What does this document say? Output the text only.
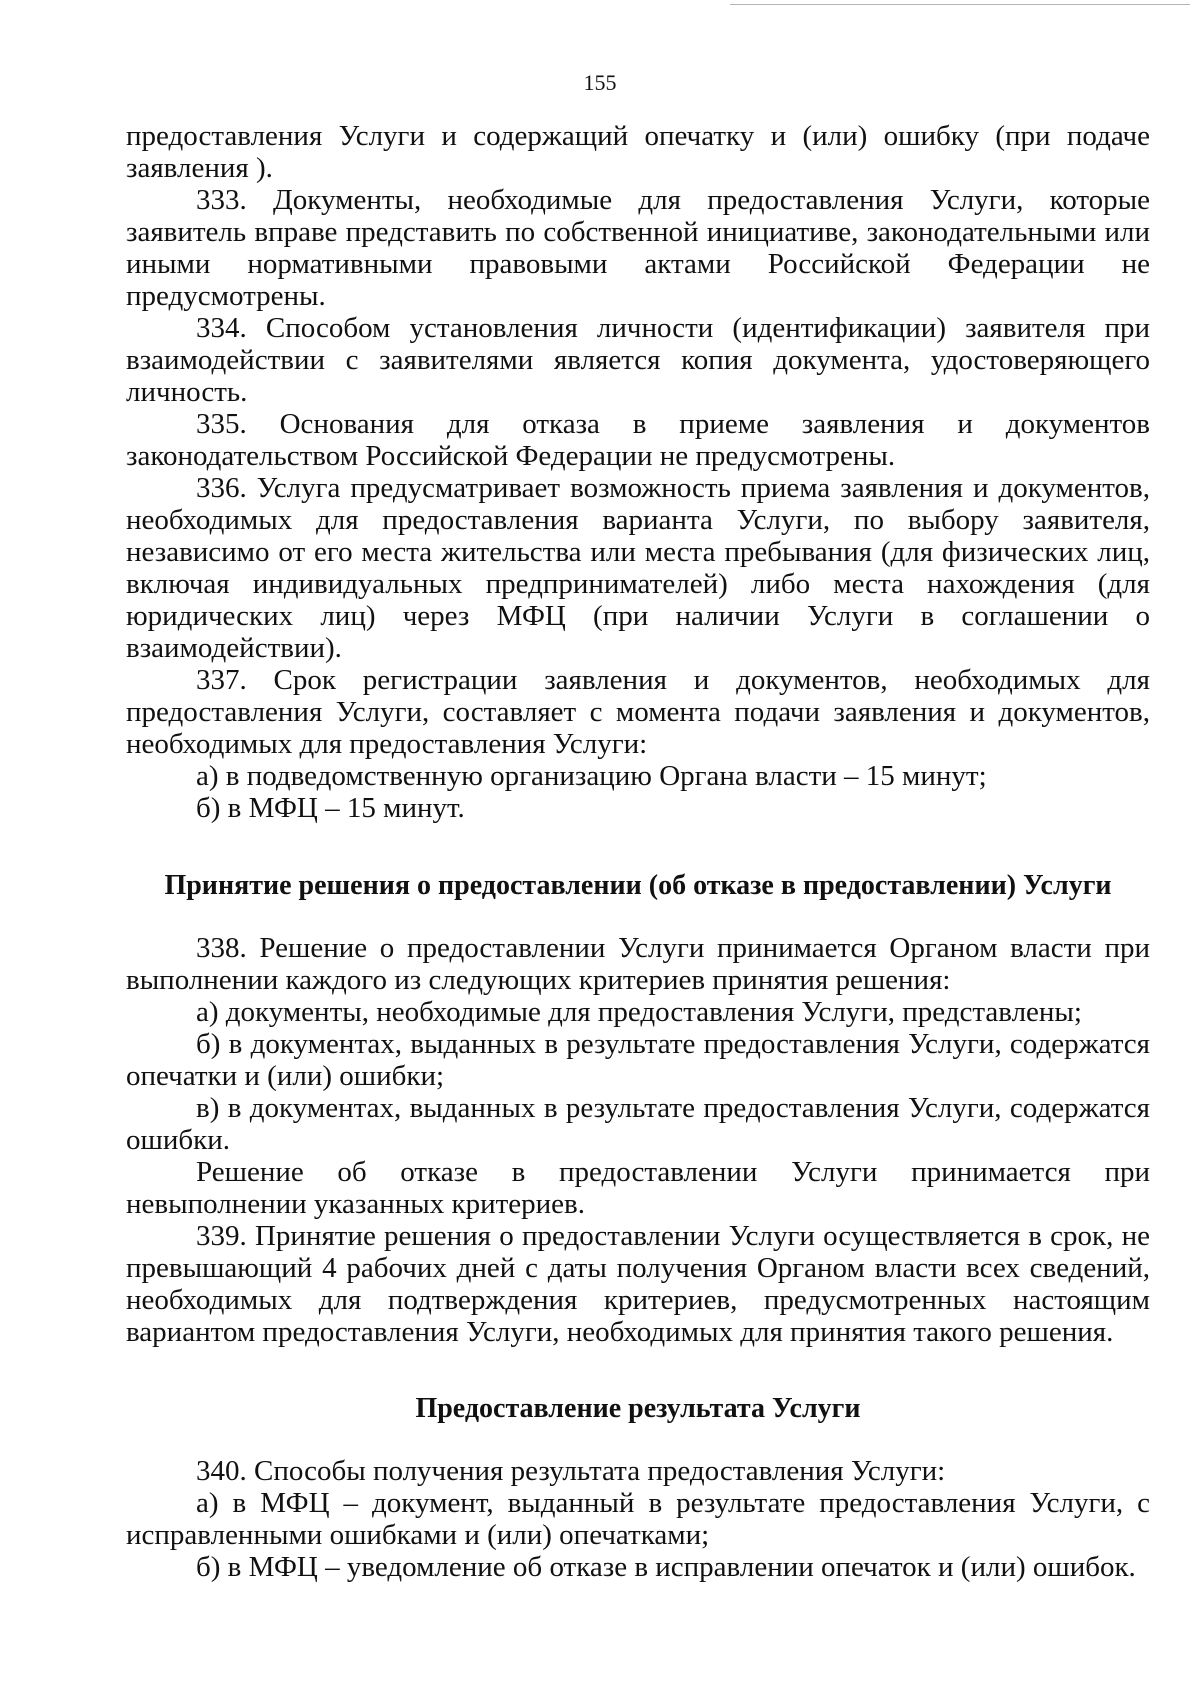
155

предоставления Услуги и содержащий опечатку и (или) ошибку (при подаче заявления ).

333. Документы, необходимые для предоставления Услуги, которые заявитель вправе представить по собственной инициативе, законодательными или иными нормативными правовыми актами Российской Федерации не предусмотрены.

334. Способом установления личности (идентификации) заявителя при взаимодействии с заявителями является копия документа, удостоверяющего личность.

335. Основания для отказа в приеме заявления и документов законодательством Российской Федерации не предусмотрены.

336. Услуга предусматривает возможность приема заявления и документов, необходимых для предоставления варианта Услуги, по выбору заявителя, независимо от его места жительства или места пребывания (для физических лиц, включая индивидуальных предпринимателей) либо места нахождения (для юридических лиц) через МФЦ (при наличии Услуги в соглашении о взаимодействии).

337. Срок регистрации заявления и документов, необходимых для предоставления Услуги, составляет с момента подачи заявления и документов, необходимых для предоставления Услуги:

а) в подведомственную организацию Органа власти – 15 минут;

б) в МФЦ – 15 минут.

Принятие решения о предоставлении (об отказе в предоставлении) Услуги

338. Решение о предоставлении Услуги принимается Органом власти при выполнении каждого из следующих критериев принятия решения:

а) документы, необходимые для предоставления Услуги, представлены;

б) в документах, выданных в результате предоставления Услуги, содержатся опечатки и (или) ошибки;

в) в документах, выданных в результате предоставления Услуги, содержатся ошибки.

Решение об отказе в предоставлении Услуги принимается при невыполнении указанных критериев.

339. Принятие решения о предоставлении Услуги осуществляется в срок, не превышающий 4 рабочих дней с даты получения Органом власти всех сведений, необходимых для подтверждения критериев, предусмотренных настоящим вариантом предоставления Услуги, необходимых для принятия такого решения.

Предоставление результата Услуги

340. Способы получения результата предоставления Услуги:

а) в МФЦ – документ, выданный в результате предоставления Услуги, с исправленными ошибками и (или) опечатками;

б) в МФЦ – уведомление об отказе в исправлении опечаток и (или) ошибок.
